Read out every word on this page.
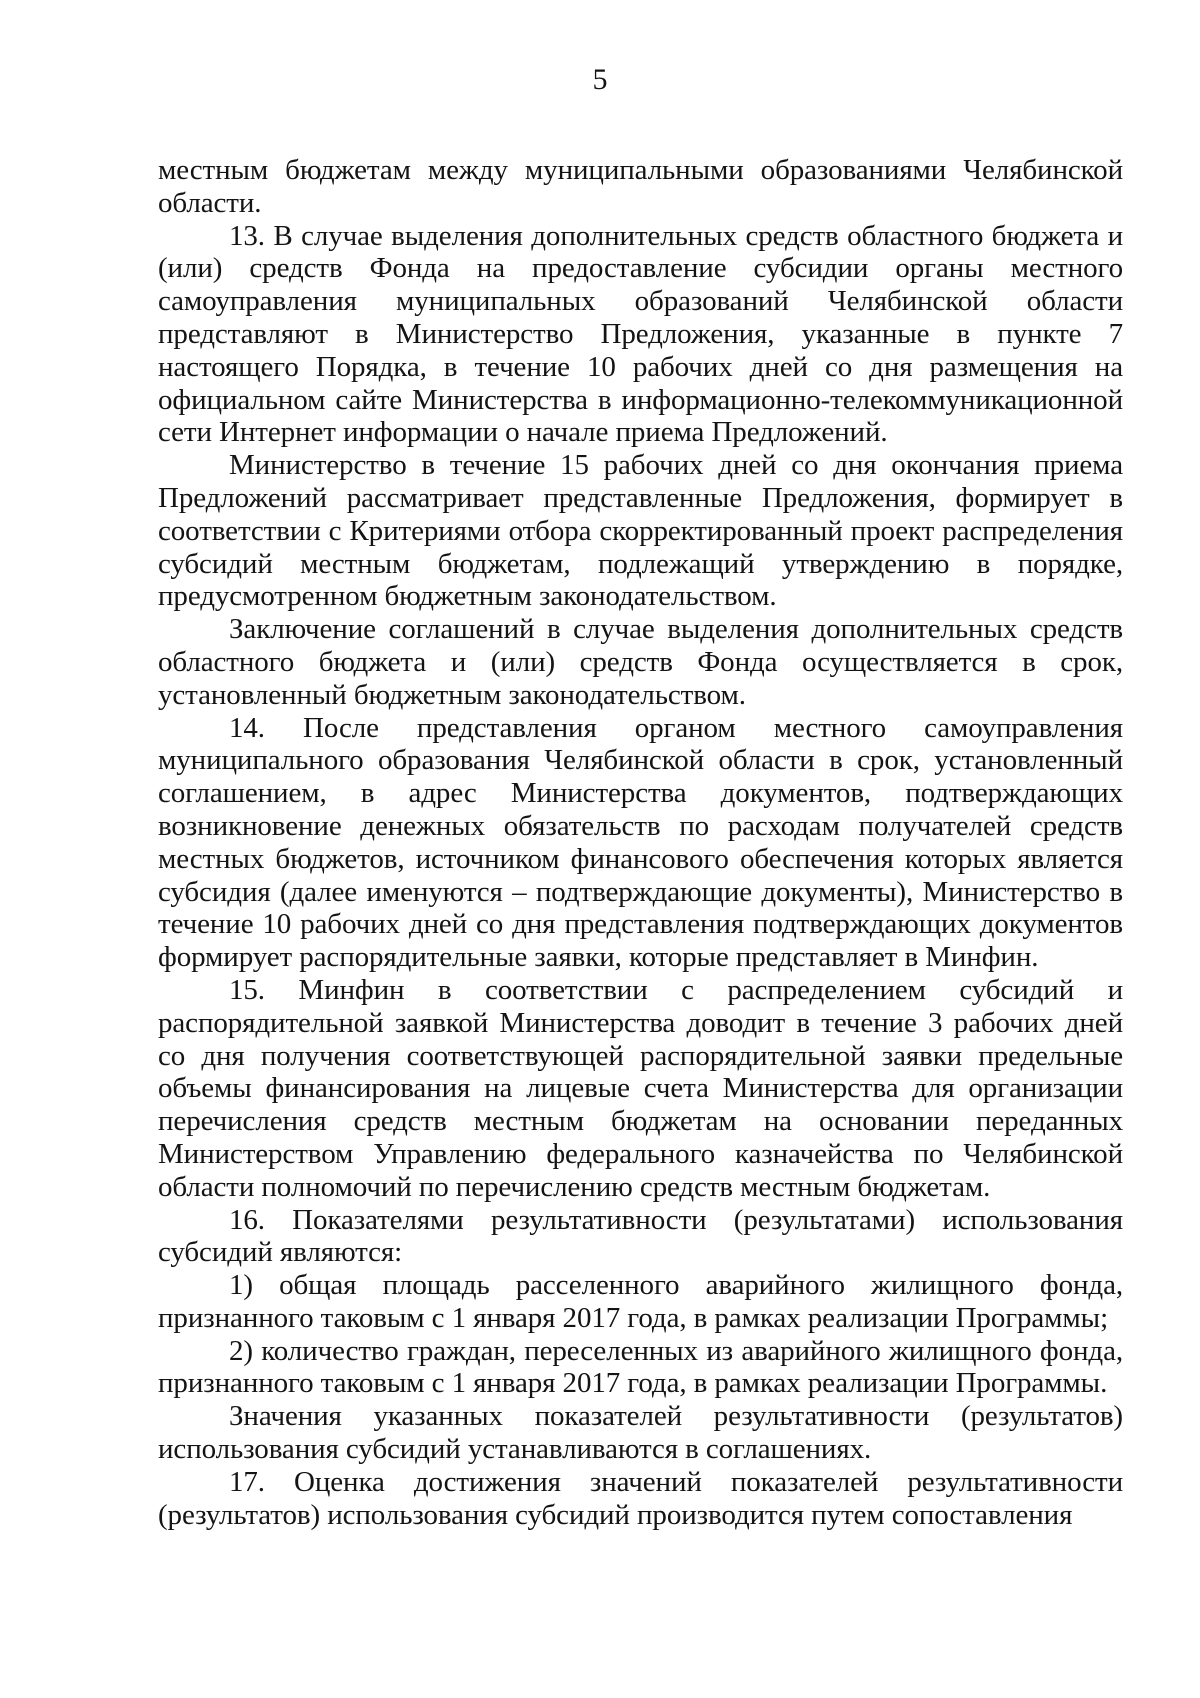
5

местным бюджетам между муниципальными образованиями Челябинской области.

13. В случае выделения дополнительных средств областного бюджета и (или) средств Фонда на предоставление субсидии органы местного самоуправления муниципальных образований Челябинской области представляют в Министерство Предложения, указанные в пункте 7 настоящего Порядка, в течение 10 рабочих дней со дня размещения на официальном сайте Министерства в информационно-телекоммуникационной сети Интернет информации о начале приема Предложений.

Министерство в течение 15 рабочих дней со дня окончания приема Предложений рассматривает представленные Предложения, формирует в соответствии с Критериями отбора скорректированный проект распределения субсидий местным бюджетам, подлежащий утверждению в порядке, предусмотренном бюджетным законодательством.

Заключение соглашений в случае выделения дополнительных средств областного бюджета и (или) средств Фонда осуществляется в срок, установленный бюджетным законодательством.

14. После представления органом местного самоуправления муниципального образования Челябинской области в срок, установленный соглашением, в адрес Министерства документов, подтверждающих возникновение денежных обязательств по расходам получателей средств местных бюджетов, источником финансового обеспечения которых является субсидия (далее именуются – подтверждающие документы), Министерство в течение 10 рабочих дней со дня представления подтверждающих документов формирует распорядительные заявки, которые представляет в Минфин.

15. Минфин в соответствии с распределением субсидий и распорядительной заявкой Министерства доводит в течение 3 рабочих дней со дня получения соответствующей распорядительной заявки предельные объемы финансирования на лицевые счета Министерства для организации перечисления средств местным бюджетам на основании переданных Министерством Управлению федерального казначейства по Челябинской области полномочий по перечислению средств местным бюджетам.

16. Показателями результативности (результатами) использования субсидий являются:

1) общая площадь расселенного аварийного жилищного фонда, признанного таковым с 1 января 2017 года, в рамках реализации Программы;

2) количество граждан, переселенных из аварийного жилищного фонда, признанного таковым с 1 января 2017 года, в рамках реализации Программы.

Значения указанных показателей результативности (результатов) использования субсидий устанавливаются в соглашениях.

17. Оценка достижения значений показателей результативности (результатов) использования субсидий производится путем сопоставления
